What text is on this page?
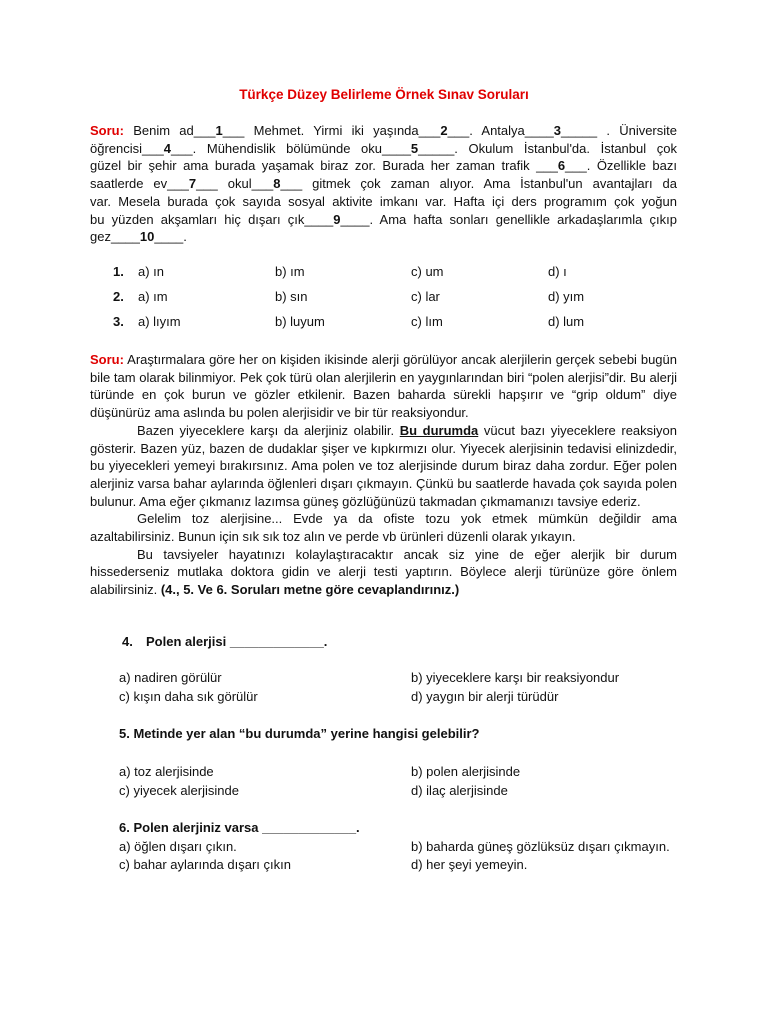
Türkçe Düzey Belirleme Örnek Sınav Soruları
Soru: Benim ad___1___ Mehmet. Yirmi iki yaşında___2___. Antalya____3_____ . Üniversite
öğrencisi___4___. Mühendislik bölümünde oku____5_____. Okulum İstanbul'da. İstanbul çok
güzel bir şehir ama burada yaşamak biraz zor. Burada her zaman trafik ___6___. Özellikle bazı
saatlerde ev___7___ okul___8___ gitmek çok zaman alıyor. Ama İstanbul'un avantajları da
var. Mesela burada çok sayıda sosyal aktivite imkanı var. Hafta içi ders programım çok yoğun
bu yüzden akşamları hiç dışarı çık____9____. Ama hafta sonları genellikle arkadaşlarımla çıkıp
gez____10____.
1. a) ın	b) ım	c) um	d) ı
2. a) ım	b) sın	c) lar	d) yım
3. a) lıyım	b) luyum	c) lım	d) lum

Soru: Araştırmalara göre her on kişiden ikisinde alerji görülüyor ancak alerjilerin gerçek sebebi bugün bile tam olarak bilinmiyor. Pek çok türü olan alerjilerin en yaygınlarından biri “polen alerjisi”dir. Bu alerji türünde en çok burun ve gözler etkilenir. Bazen baharda sürekli hapşırır ve “grip oldum” diye düşünürüz ama aslında bu polen alerjisidir ve bir tür reaksiyondur.

Bazen yiyeceklere karşı da alerjiniz olabilir. Bu durumda vücut bazı yiyeceklere reaksiyon gösterir. Bazen yüz, bazen de dudaklar şişer ve kıpkırmızı olur. Yiyecek alerjisinin tedavisi elinizdedir, bu yiyecekleri yemeyi bırakırsınız. Ama polen ve toz alerjisinde durum biraz daha zordur. Eğer polen alerjiniz varsa bahar aylarında öğlenleri dışarı çıkmayın. Çünkü bu saatlerde havada çok sayıda polen bulunur. Ama eğer çıkmanız lazımsa güneş gözlüğünüzü takmadan çıkmamanızı tavsiye ederiz.

Gelelim toz alerjisine... Evde ya da ofiste tozu yok etmek mümkün değildir ama azaltabilirsiniz. Bunun için sık sık toz alın ve perde vb ürünleri düzenli olarak yıkayın.

Bu tavsiyeler hayatınızı kolaylaştıracaktır ancak siz yine de eğer alerjik bir durum hissederseniz mutlaka doktora gidin ve alerji testi yaptırın. Böylece alerji türünüze göre önlem alabilirsiniz. (4., 5. Ve 6. Soruları metne göre cevaplandırınız.)

4. Polen alerjisi _____________.
a) nadiren görülür	b) yiyeceklere karşı bir reaksiyondur
c) kışın daha sık görülür	d) yaygın bir alerji türüdür
5. Metinde yer alan “bu durumda” yerine hangisi gelebilir?
a) toz alerjisinde	b) polen alerjisinde
c) yiyecek alerjisinde	d) ilaç alerjisinde
6. Polen alerjiniz varsa _____________.
a) öğlen dışarı çıkın.	b) baharda güneş gözlüksüz dışarı çıkmayın.
c) bahar aylarında dışarı çıkın	d) her şeyi yemeyin.
